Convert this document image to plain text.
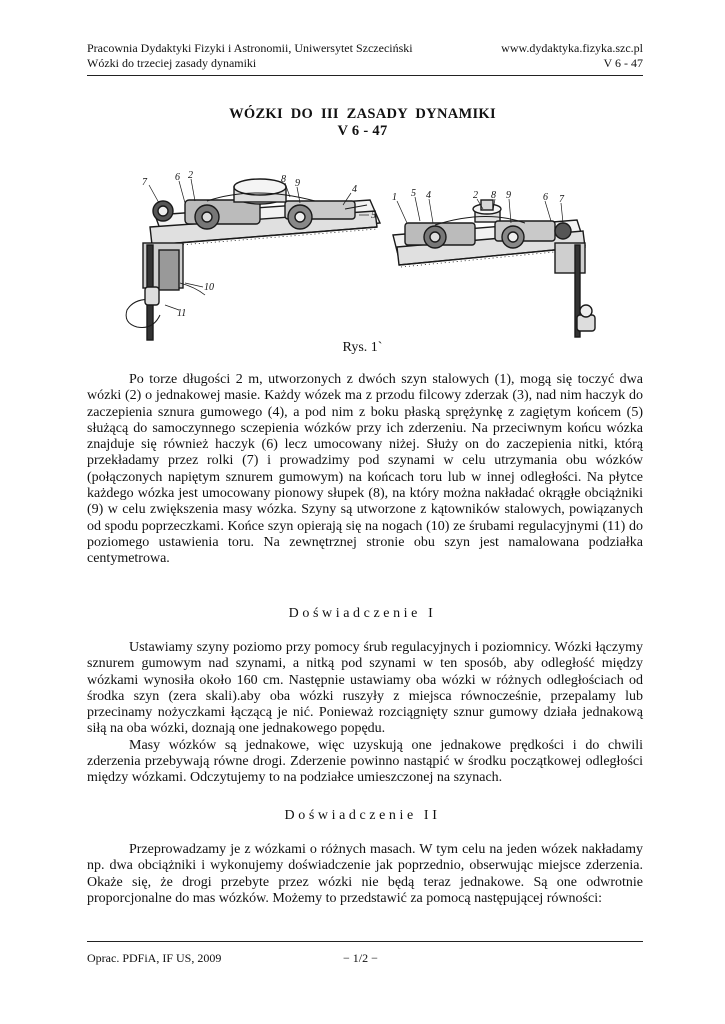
Pracownia Dydaktyki Fizyki i Astronomii, Uniwersytet Szczeciński	www.dydaktyka.fizyka.szc.pl
Wózki do trzeciej zasady dynamiki	V 6 - 47
WÓZKI  DO  III  ZASADY  DYNAMIKI
V 6 - 47
7	6 2	8 9
4
5
10
11
1 5 4	2 8 9	6 7
Rys. 1`

Po torze długości 2 m, utworzonych z dwóch szyn stalowych (1), mogą się toczyć dwa wózki (2) o jednakowej masie. Każdy wózek ma z przodu filcowy zderzak (3), nad nim haczyk do zaczepienia sznura gumowego (4), a pod nim z boku płaską sprężynkę z zagiętym końcem (5) służącą do samoczynnego sczepienia wózków przy ich zderzeniu. Na przeciwnym końcu wózka znajduje się również haczyk (6) lecz umocowany niżej. Służy on do zaczepienia nitki, którą przekładamy przez rolki (7) i prowadzimy pod szynami w celu utrzymania obu wózków (połączonych napiętym sznurem gumowym) na końcach toru lub w innej odległości. Na płytce każdego wózka jest umocowany pionowy słupek (8), na który można nakładać okrągłe obciążniki (9) w celu zwiększenia masy wózka. Szyny są utworzone z kątowników stalowych, powiązanych od spodu poprzeczkami. Końce szyn opierają się na nogach (10) ze śrubami regulacyjnymi (11) do poziomego ustawienia toru. Na zewnętrznej stronie obu szyn jest namalowana podziałka centymetrowa.

Doświadczenie I

Ustawiamy szyny poziomo przy pomocy śrub regulacyjnych i poziomnicy. Wózki łączymy sznurem gumowym nad szynami, a nitką pod szynami w ten sposób, aby odległość między wózkami wynosiła około 160 cm. Następnie ustawiamy oba wózki w różnych odległościach od środka szyn (zera skali).aby oba wózki ruszyły z miejsca równocześnie, przepalamy lub przecinamy nożyczkami łączącą je nić. Ponieważ rozciągnięty sznur gumowy działa jednakową siłą na oba wózki, doznają one jednakowego popędu.

Masy wózków są jednakowe, więc uzyskują one jednakowe prędkości i do chwili zderzenia przebywają równe drogi. Zderzenie powinno nastąpić w środku początkowej odległości między wózkami. Odczytujemy to na podziałce umieszczonej na szynach.

Doświadczenie II

Przeprowadzamy je z wózkami o różnych masach. W tym celu na jeden wózek nakładamy np. dwa obciążniki i wykonujemy doświadczenie jak poprzednio, obserwując miejsce zderzenia. Okaże się, że drogi przebyte przez wózki nie będą teraz jednakowe. Są one odwrotnie proporcjonalne do mas wózków. Możemy to przedstawić za pomocą następującej równości:

Oprac. PDFiA, IF US, 2009	− 1/2 −
